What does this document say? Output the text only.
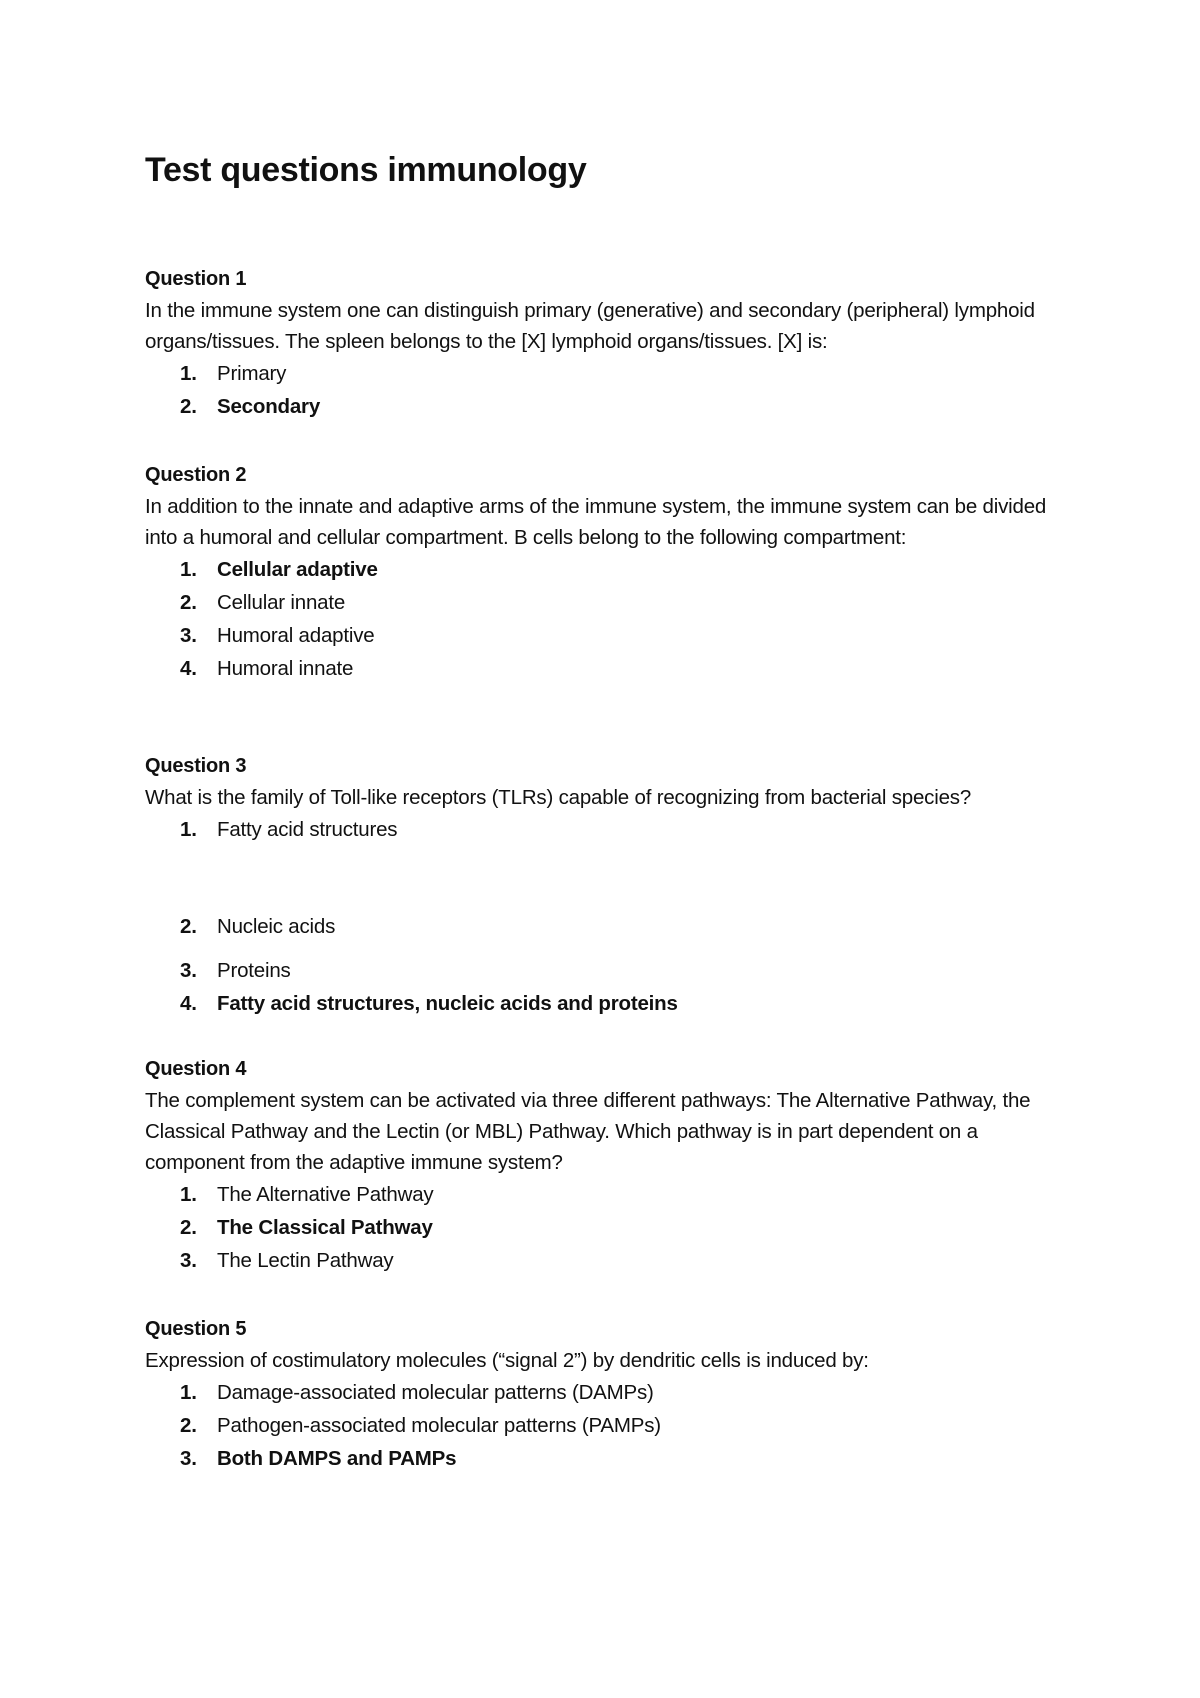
Test questions immunology
Question 1
In the immune system one can distinguish primary (generative) and secondary (peripheral) lymphoid organs/tissues. The spleen belongs to the [X] lymphoid organs/tissues. [X] is:
1. Primary
2. Secondary
Question 2
In addition to the innate and adaptive arms of the immune system, the immune system can be divided into a humoral and cellular compartment. B cells belong to the following compartment:
1. Cellular adaptive
2. Cellular innate
3. Humoral adaptive
4. Humoral innate
Question 3
What is the family of Toll-like receptors (TLRs) capable of recognizing from bacterial species?
1. Fatty acid structures
2. Nucleic acids
3. Proteins
4. Fatty acid structures, nucleic acids and proteins
Question 4
The complement system can be activated via three different pathways: The Alternative Pathway, the Classical Pathway and the Lectin (or MBL) Pathway. Which pathway is in part dependent on a component from the adaptive immune system?
1. The Alternative Pathway
2. The Classical Pathway
3. The Lectin Pathway
Question 5
Expression of costimulatory molecules (“signal 2”) by dendritic cells is induced by:
1. Damage-associated molecular patterns (DAMPs)
2. Pathogen-associated molecular patterns (PAMPs)
3. Both DAMPS and PAMPs
